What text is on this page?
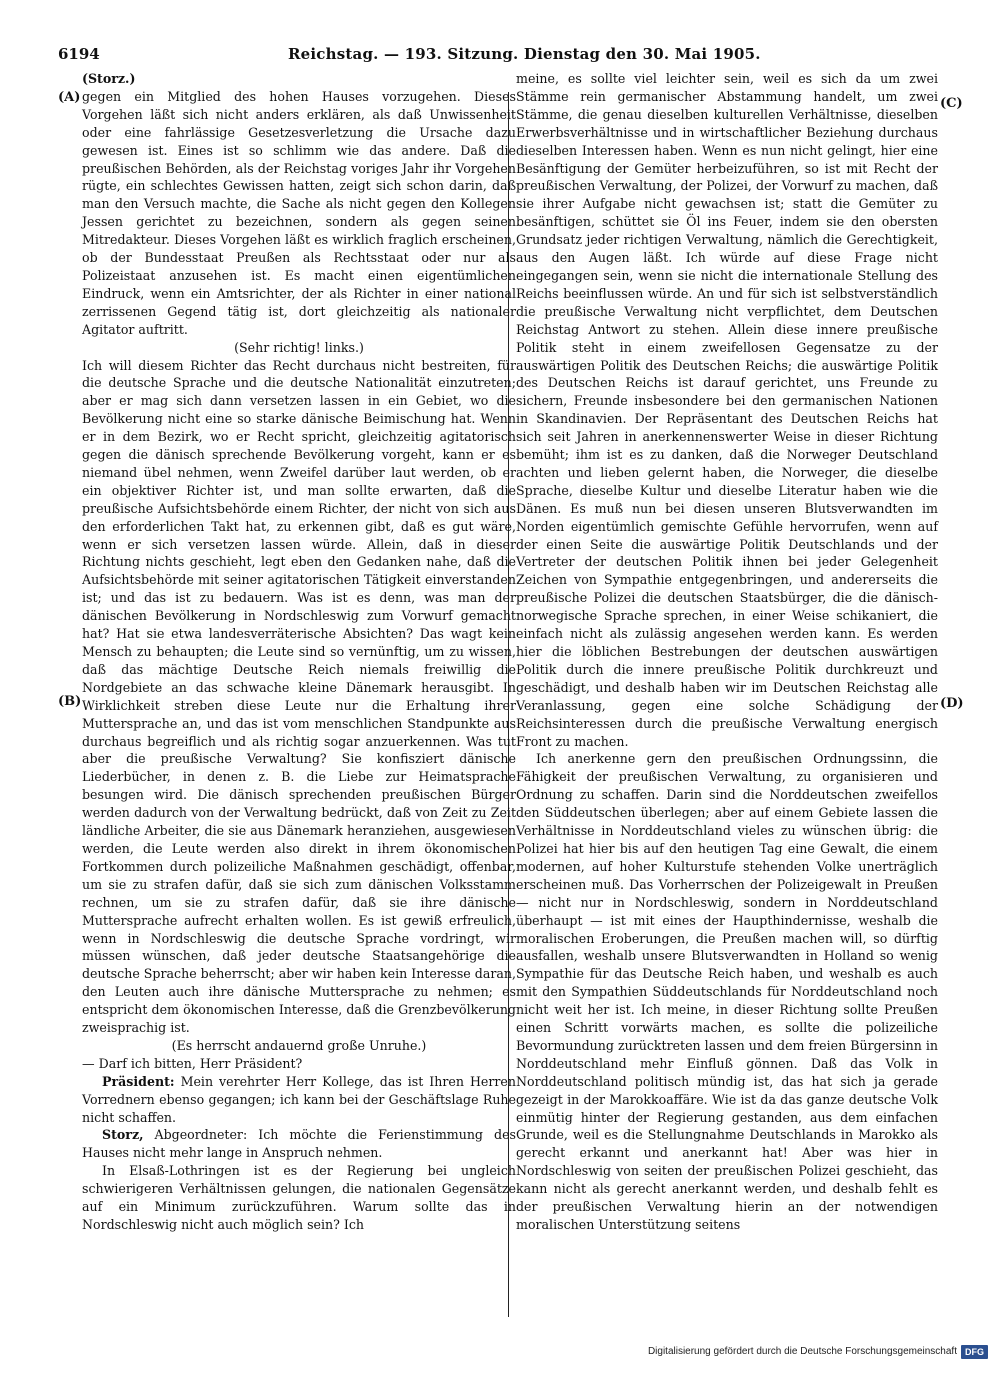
6194	Reichstag. — 193. Sitzung. Dienstag den 30. Mai 1905.
(A)
(B)
(C)
(D)

(Storz.)

gegen ein Mitglied des hohen Hauses vorzugehen. Dieses Vorgehen läßt sich nicht anders erklären, als daß Unwissenheit oder eine fahrlässige Gesetzesverletzung die Ursache dazu gewesen ist. Eines ist so schlimm wie das andere. Daß die preußischen Behörden, als der Reichstag voriges Jahr ihr Vorgehen rügte, ein schlechtes Gewissen hatten, zeigt sich schon darin, daß man den Versuch machte, die Sache als nicht gegen den Kollegen Jessen gerichtet zu bezeichnen, sondern als gegen seinen Mitredakteur. Dieses Vorgehen läßt es wirklich fraglich erscheinen, ob der Bundesstaat Preußen als Rechtsstaat oder nur als Polizeistaat anzusehen ist. Es macht einen eigentümlichen Eindruck, wenn ein Amtsrichter, der als Richter in einer national zerrissenen Gegend tätig ist, dort gleichzeitig als nationaler Agitator auftritt.

(Sehr richtig! links.)

Ich will diesem Richter das Recht durchaus nicht bestreiten, für die deutsche Sprache und die deutsche Nationalität einzutreten; aber er mag sich dann versetzen lassen in ein Gebiet, wo die Bevölkerung nicht eine so starke dänische Beimischung hat. Wenn er in dem Bezirk, wo er Recht spricht, gleichzeitig agitatorisch gegen die dänisch sprechende Bevölkerung vorgeht, kann er es niemand übel nehmen, wenn Zweifel darüber laut werden, ob er ein objektiver Richter ist, und man sollte erwarten, daß die preußische Aufsichtsbehörde einem Richter, der nicht von sich aus den erforderlichen Takt hat, zu erkennen gibt, daß es gut wäre, wenn er sich versetzen lassen würde. Allein, daß in dieser Richtung nichts geschieht, legt eben den Gedanken nahe, daß die Aufsichtsbehörde mit seiner agitatorischen Tätigkeit einverstanden ist; und das ist zu bedauern. Was ist es denn, was man der dänischen Bevölkerung in Nordschleswig zum Vorwurf gemacht hat? Hat sie etwa landesverräterische Absichten? Das wagt kein Mensch zu behaupten; die Leute sind so vernünftig, um zu wissen, daß das mächtige Deutsche Reich niemals freiwillig die Nordgebiete an das schwache kleine Dänemark herausgibt. In Wirklichkeit streben diese Leute nur die Erhaltung ihrer Muttersprache an, und das ist vom menschlichen Standpunkte aus durchaus begreiflich und als richtig sogar anzuerkennen. Was tut aber die preußische Verwaltung? Sie konfisziert dänische Liederbücher, in denen z. B. die Liebe zur Heimatsprache besungen wird. Die dänisch sprechenden preußischen Bürger werden dadurch von der Verwaltung bedrückt, daß von Zeit zu Zeit ländliche Arbeiter, die sie aus Dänemark heranziehen, ausgewiesen werden, die Leute werden also direkt in ihrem ökonomischen Fortkommen durch polizeiliche Maßnahmen geschädigt, offenbar, um sie zu strafen dafür, daß sie sich zum dänischen Volksstamm rechnen, um sie zu strafen dafür, daß sie ihre dänische Muttersprache aufrecht erhalten wollen. Es ist gewiß erfreulich, wenn in Nordschleswig die deutsche Sprache vordringt, wir müssen wünschen, daß jeder deutsche Staatsangehörige die deutsche Sprache beherrscht; aber wir haben kein Interesse daran, den Leuten auch ihre dänische Muttersprache zu nehmen; es entspricht dem ökonomischen Interesse, daß die Grenzbevölkerung zweisprachig ist.

(Es herrscht andauernd große Unruhe.)

— Darf ich bitten, Herr Präsident?

Präsident: Mein verehrter Herr Kollege, das ist Ihren Herren Vorrednern ebenso gegangen; ich kann bei der Geschäftslage Ruhe nicht schaffen.

Storz, Abgeordneter: Ich möchte die Ferienstimmung des Hauses nicht mehr lange in Anspruch nehmen.

In Elsaß-Lothringen ist es der Regierung bei ungleich schwierigeren Verhältnissen gelungen, die nationalen Gegensätze auf ein Minimum zurückzuführen. Warum sollte das in Nordschleswig nicht auch möglich sein? Ich

meine, es sollte viel leichter sein, weil es sich da um zwei Stämme rein germanischer Abstammung handelt, um zwei Stämme, die genau dieselben kulturellen Verhältnisse, dieselben Erwerbsverhältnisse und in wirtschaftlicher Beziehung durchaus dieselben Interessen haben. Wenn es nun nicht gelingt, hier eine Besänftigung der Gemüter herbeizuführen, so ist mit Recht der preußischen Verwaltung, der Polizei, der Vorwurf zu machen, daß sie ihrer Aufgabe nicht gewachsen ist; statt die Gemüter zu besänftigen, schüttet sie Öl ins Feuer, indem sie den obersten Grundsatz jeder richtigen Verwaltung, nämlich die Gerechtigkeit, aus den Augen läßt. Ich würde auf diese Frage nicht eingegangen sein, wenn sie nicht die internationale Stellung des Reichs beeinflussen würde. An und für sich ist selbstverständlich die preußische Verwaltung nicht verpflichtet, dem Deutschen Reichstag Antwort zu stehen. Allein diese innere preußische Politik steht in einem zweifellosen Gegensatze zu der auswärtigen Politik des Deutschen Reichs; die auswärtige Politik des Deutschen Reichs ist darauf gerichtet, uns Freunde zu sichern, Freunde insbesondere bei den germanischen Nationen in Skandinavien. Der Repräsentant des Deutschen Reichs hat sich seit Jahren in anerkennenswerter Weise in dieser Richtung bemüht; ihm ist es zu danken, daß die Norweger Deutschland achten und lieben gelernt haben, die Norweger, die dieselbe Sprache, dieselbe Kultur und dieselbe Literatur haben wie die Dänen. Es muß nun bei diesen unseren Blutsverwandten im Norden eigentümlich gemischte Gefühle hervorrufen, wenn auf der einen Seite die auswärtige Politik Deutschlands und der Vertreter der deutschen Politik ihnen bei jeder Gelegenheit Zeichen von Sympathie entgegenbringen, und andererseits die preußische Polizei die deutschen Staatsbürger, die die dänisch-norwegische Sprache sprechen, in einer Weise schikaniert, die einfach nicht als zulässig angesehen werden kann. Es werden hier die löblichen Bestrebungen der deutschen auswärtigen Politik durch die innere preußische Politik durchkreuzt und geschädigt, und deshalb haben wir im Deutschen Reichstag alle Veranlassung, gegen eine solche Schädigung der Reichsinteressen durch die preußische Verwaltung energisch Front zu machen.

Ich anerkenne gern den preußischen Ordnungssinn, die Fähigkeit der preußischen Verwaltung, zu organisieren und Ordnung zu schaffen. Darin sind die Norddeutschen zweifellos den Süddeutschen überlegen; aber auf einem Gebiete lassen die Verhältnisse in Norddeutschland vieles zu wünschen übrig: die Polizei hat hier bis auf den heutigen Tag eine Gewalt, die einem modernen, auf hoher Kulturstufe stehenden Volke unerträglich erscheinen muß. Das Vorherrschen der Polizeigewalt in Preußen — nicht nur in Nordschleswig, sondern in Norddeutschland überhaupt — ist mit eines der Haupthindernisse, weshalb die moralischen Eroberungen, die Preußen machen will, so dürftig ausfallen, weshalb unsere Blutsverwandten in Holland so wenig Sympathie für das Deutsche Reich haben, und weshalb es auch mit den Sympathien Süddeutschlands für Norddeutschland noch nicht weit her ist. Ich meine, in dieser Richtung sollte Preußen einen Schritt vorwärts machen, es sollte die polizeiliche Bevormundung zurücktreten lassen und dem freien Bürgersinn in Norddeutschland mehr Einfluß gönnen. Daß das Volk in Norddeutschland politisch mündig ist, das hat sich ja gerade gezeigt in der Marokkoaffäre. Wie ist da das ganze deutsche Volk einmütig hinter der Regierung gestanden, aus dem einfachen Grunde, weil es die Stellungnahme Deutschlands in Marokko als gerecht erkannt und anerkannt hat! Aber was hier in Nordschleswig von seiten der preußischen Polizei geschieht, das kann nicht als gerecht anerkannt werden, und deshalb fehlt es der preußischen Verwaltung hierin an der notwendigen moralischen Unterstützung seitens

Digitalisierung gefördert durch die Deutsche Forschungsgemeinschaft DFG
